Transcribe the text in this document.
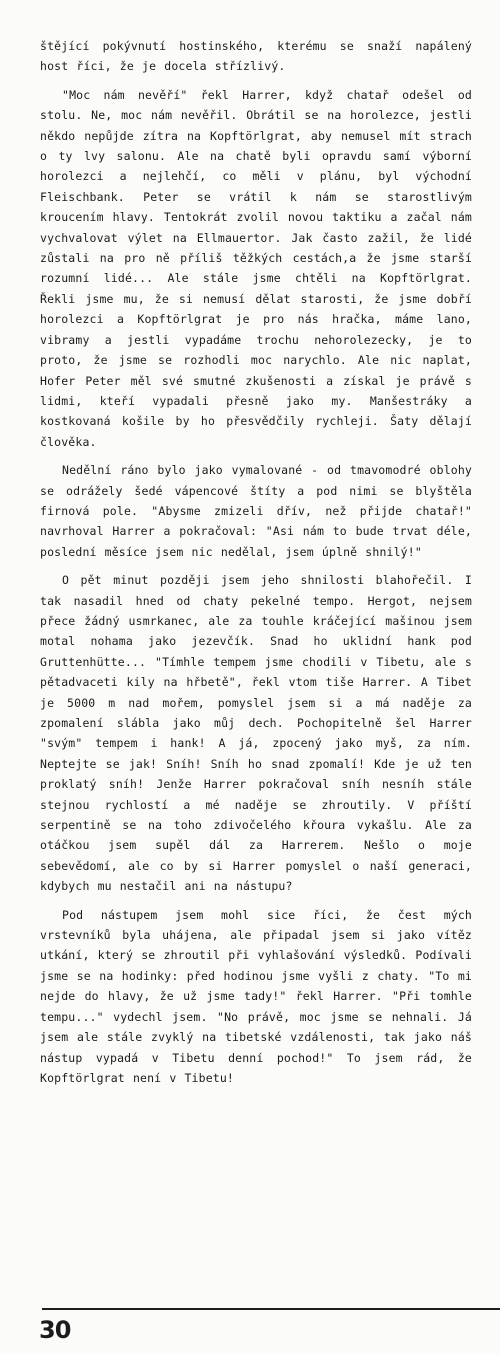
štějící pokývnutí hostinského, kterému se snaží napálený host říci, že je docela střízlivý.

"Moc nám nevěří" řekl Harrer, když chatař odešel od stolu. Ne, moc nám nevěřil. Obrátil se na horolezce, jestli někdo nepůjde zítra na Kopftörlgrat, aby nemusel mít strach o ty lvy salonu. Ale na chatě byli opravdu samí výborní horolezci a nejlehčí, co měli v plánu, byl východní Fleischbank. Peter se vrátil k nám se starostlivým kroucením hlavy. Tentokrát zvolil novou taktiku a začal nám vychvalovat výlet na Ellmauertor. Jak často zažil, že lidé zůstali na pro ně příliš těžkých cestách,a že jsme starší rozumní lidé... Ale stále jsme chtěli na Kopftörlgrat. Řekli jsme mu, že si nemusí dělat starosti, že jsme dobří horolezci a Kopftörlgrat je pro nás hračka, máme lano, vibramy a jestli vypadáme trochu nehorolezecky, je to proto, že jsme se rozhodli moc narychlo. Ale nic naplat, Hofer Peter měl své smutné zkušenosti a získal je právě s lidmi, kteří vypadali přesně jako my. Manšestráky a kostkovaná košile by ho přesvědčily rychleji. Šaty dělají člověka.

Nedělní ráno bylo jako vymalované - od tmavomodré oblohy se odrážely šedé vápencové štíty a pod nimi se blyštěla firnová pole. "Abysme zmizeli dřív, než přijde chatař!" navrhoval Harrer a pokračoval: "Asi nám to bude trvat déle, poslední měsíce jsem nic nedělal, jsem úplně shnilý!"

O pět minut později jsem jeho shnilosti blahořečil. I tak nasadil hned od chaty pekelné tempo. Hergot, nejsem přece žádný usmrkanec, ale za touhle kráčející mašinou jsem motal nohama jako jezevčík. Snad ho uklidní hank pod Gruttenhütte... "Tímhle tempem jsme chodili v Tibetu, ale s pětadvaceti kily na hřbetě", řekl vtom tiše Harrer. A Tibet je 5000 m nad mořem, pomyslel jsem si a má naděje za zpomalení slábla jako můj dech. Pochopitelně šel Harrer "svým" tempem i hank! A já, zpocený jako myš, za ním. Neptejte se jak! Sníh! Sníh ho snad zpomalí! Kde je už ten proklatý sníh! Jenže Harrer pokračoval sníh nesníh stále stejnou rychlostí a mé naděje se zhroutily. V příští serpentině se na toho zdivočelého křoura vykašlu. Ale za otáčkou jsem supěl dál za Harrerem. Nešlo o moje sebevědomí, ale co by si Harrer pomyslel o naší generaci, kdybych mu nestačil ani na nástupu?

Pod nástupem jsem mohl sice říci, že čest mých vrstevníků byla uhájena, ale připadal jsem si jako vítěz utkání, který se zhroutil při vyhlašování výsledků. Podívali jsme se na hodinky: před hodinou jsme vyšli z chaty. "To mi nejde do hlavy, že už jsme tady!" řekl Harrer. "Při tomhle tempu..." vydechl jsem. "No právě, moc jsme se nehnali. Já jsem ale stále zvyklý na tibetské vzdálenosti, tak jako náš nástup vypadá v Tibetu denní pochod!" To jsem rád, že Kopftörlgrat není v Tibetu!

30
